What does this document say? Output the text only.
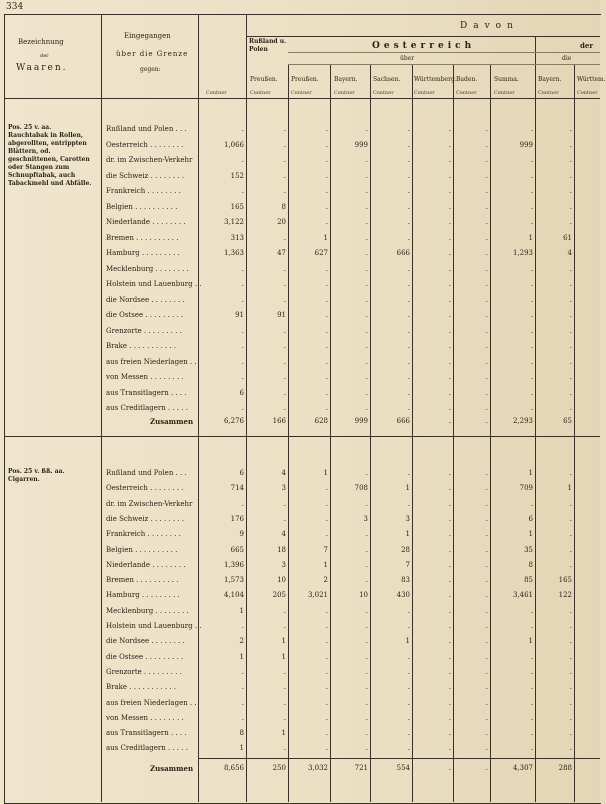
334
Bezeichnung
der
Waaren.
Eingegangen
über die Grenze
gegen:
Davon
Rußland u. Polen	Oesterreich	der
über	die
Preußen. Preußen.	Bayern.	Sachsen. Württemberg. Baden.	Summa.	Bayern.	Württem.
Centner	Centner	Centner	Centner	Centner	Centner	Centner	Centner	Centner	Centner
Pos. 25 v. aa.
Rauchtabak in Rollen, abgerollten, entrippten Blättern, od. geschnittenen, Carotten oder Stangen zum Schnupftabak, auch Tabackmehl und Abfälle.
Pos. 25 v. ßß. aa.
Cigarren.
Rußland und Polen . . .	.	.	.	.	.	.	.	.	.
Oesterreich . . . . . . . .	1,066	.	.	999	.	.	.	999	.
dr. im Zwischen-Verkehr	.	.	.	.	.	.	.	.	.
die Schweiz . . . . . . . .	152	.	.	.	.	.	.	.	.
Frankreich . . . . . . . .	.	.	.	.	.	.	.	.	.
Belgien . . . . . . . . . .	165	8	.	.	.	.	.	.	.
Niederlande . . . . . . . .	3,122	20	.	.	.	.	.	.	.
Bremen . . . . . . . . . .	313	.	1	.	.	.	.	1	61
Hamburg . . . . . . . . .	1,363	47	627	.	666	.	.	1,293	4
Mecklenburg . . . . . . . .	.	.	.	.	.	.	.	.	.
Holstein und Lauenburg . .	.	.	.	.	.	.	.	.	.
die Nordsee . . . . . . . .	.	.	.	.	.	.	.	.	.
die Ostsee . . . . . . . . .	91	91	.	.	.	.	.	.	.
Grenzorte . . . . . . . . .	.	.	.	.	.	.	.	.	.
Brake . . . . . . . . . . .	.	.	.	.	.	.	.	.	.
aus freien Niederlagen . .	.	.	.	.	.	.	.	.	.
von Messen . . . . . . . .	.	.	.	.	.	.	.	.	.
aus Transitlagern . . . .	6	.	.	.	.	.	.	.	.
aus Creditlagern . . . . .	.	.	.	.	.	.	.	.	.
Zusammen	6,276	166	628	999	666	.	.	2,293	65
Rußland und Polen . . .	6	4	1	.	.	.	.	1	.
Oesterreich . . . . . . . .	714	3	.	708	1	.	.	709	1
dr. im Zwischen-Verkehr	.	.	.	.	.	.	.	.	.
die Schweiz . . . . . . . .	176	.	.	3	3	.	.	6	.
Frankreich . . . . . . . .	9	4	.	.	1	.	.	1	.
Belgien . . . . . . . . . .	665	18	7	.	28	.	.	35	.
Niederlande . . . . . . . .	1,396	3	1	.	7	.	.	8	.
Bremen . . . . . . . . . .	1,573	10	2	.	83	.	.	85	165
Hamburg . . . . . . . . .	4,104	205	3,021	10	430	.	.	3,461	122
Mecklenburg . . . . . . . .	1	.	.	.	.	.	.	.	.
Holstein und Lauenburg . .	.	.	.	.	.	.	.	.	.
die Nordsee . . . . . . . .	2	1	.	.	1	.	.	1	.
die Ostsee . . . . . . . . .	1	1	.	.	.	.	.	.	.
Grenzorte . . . . . . . . .	.	.	.	.	.	.	.	.	.
Brake . . . . . . . . . . .	.	.	.	.	.	.	.	.	.
aus freien Niederlagen . .	.	.	.	.	.	.	.	.	.
von Messen . . . . . . . .	.	.	.	.	.	.	.	.	.
aus Transitlagern . . . .	8	1	.	.	.	.	.	.	.
aus Creditlagern . . . . .	1	.	.	.	.	.	.	.	.
Zusammen	8,656	250	3,032	721	554	.	.	4,307	288
